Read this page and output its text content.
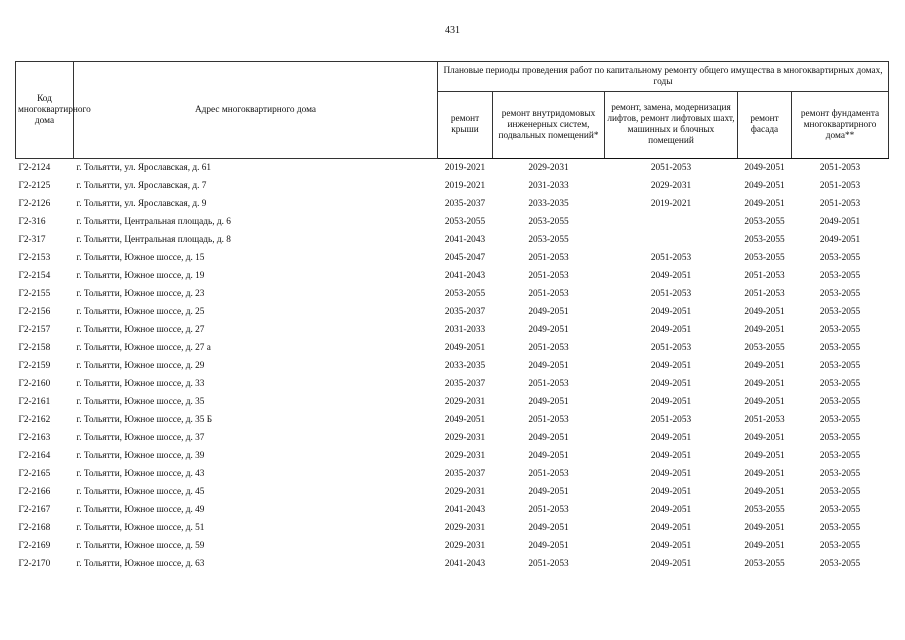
431
Код многоквартирного дома	Адрес многоквартирного дома	Плановые периоды проведения работ по капитальному ремонту общего имущества в многоквартирных домах, годы				
		ремонт крыши	ремонт внутридомовых инженерных систем, подвальных помещений*	ремонт, замена, модернизация лифтов, ремонт лифтовых шахт, машинных и блочных помещений	ремонт фасада	ремонт фундамента многоквартирного дома**
Г2-2124	г. Тольятти, ул. Ярославская, д. 61	2019-2021	2029-2031	2051-2053	2049-2051	2051-2053
Г2-2125	г. Тольятти, ул. Ярославская, д. 7	2019-2021	2031-2033	2029-2031	2049-2051	2051-2053
Г2-2126	г. Тольятти, ул. Ярославская, д. 9	2035-2037	2033-2035	2019-2021	2049-2051	2051-2053
Г2-316	г. Тольятти, Центральная площадь, д. 6	2053-2055	2053-2055		2053-2055	2049-2051
Г2-317	г. Тольятти, Центральная площадь, д. 8	2041-2043	2053-2055		2053-2055	2049-2051
Г2-2153	г. Тольятти, Южное шоссе, д. 15	2045-2047	2051-2053	2051-2053	2053-2055	2053-2055
Г2-2154	г. Тольятти, Южное шоссе, д. 19	2041-2043	2051-2053	2049-2051	2051-2053	2053-2055
Г2-2155	г. Тольятти, Южное шоссе, д. 23	2053-2055	2051-2053	2051-2053	2051-2053	2053-2055
Г2-2156	г. Тольятти, Южное шоссе, д. 25	2035-2037	2049-2051	2049-2051	2049-2051	2053-2055
Г2-2157	г. Тольятти, Южное шоссе, д. 27	2031-2033	2049-2051	2049-2051	2049-2051	2053-2055
Г2-2158	г. Тольятти, Южное шоссе, д. 27 а	2049-2051	2051-2053	2051-2053	2053-2055	2053-2055
Г2-2159	г. Тольятти, Южное шоссе, д. 29	2033-2035	2049-2051	2049-2051	2049-2051	2053-2055
Г2-2160	г. Тольятти, Южное шоссе, д. 33	2035-2037	2051-2053	2049-2051	2049-2051	2053-2055
Г2-2161	г. Тольятти, Южное шоссе, д. 35	2029-2031	2049-2051	2049-2051	2049-2051	2053-2055
Г2-2162	г. Тольятти, Южное шоссе, д. 35 Б	2049-2051	2051-2053	2051-2053	2051-2053	2053-2055
Г2-2163	г. Тольятти, Южное шоссе, д. 37	2029-2031	2049-2051	2049-2051	2049-2051	2053-2055
Г2-2164	г. Тольятти, Южное шоссе, д. 39	2029-2031	2049-2051	2049-2051	2049-2051	2053-2055
Г2-2165	г. Тольятти, Южное шоссе, д. 43	2035-2037	2051-2053	2049-2051	2049-2051	2053-2055
Г2-2166	г. Тольятти, Южное шоссе, д. 45	2029-2031	2049-2051	2049-2051	2049-2051	2053-2055
Г2-2167	г. Тольятти, Южное шоссе, д. 49	2041-2043	2051-2053	2049-2051	2053-2055	2053-2055
Г2-2168	г. Тольятти, Южное шоссе, д. 51	2029-2031	2049-2051	2049-2051	2049-2051	2053-2055
Г2-2169	г. Тольятти, Южное шоссе, д. 59	2029-2031	2049-2051	2049-2051	2049-2051	2053-2055
Г2-2170	г. Тольятти, Южное шоссе, д. 63	2041-2043	2051-2053	2049-2051	2053-2055	2053-2055
